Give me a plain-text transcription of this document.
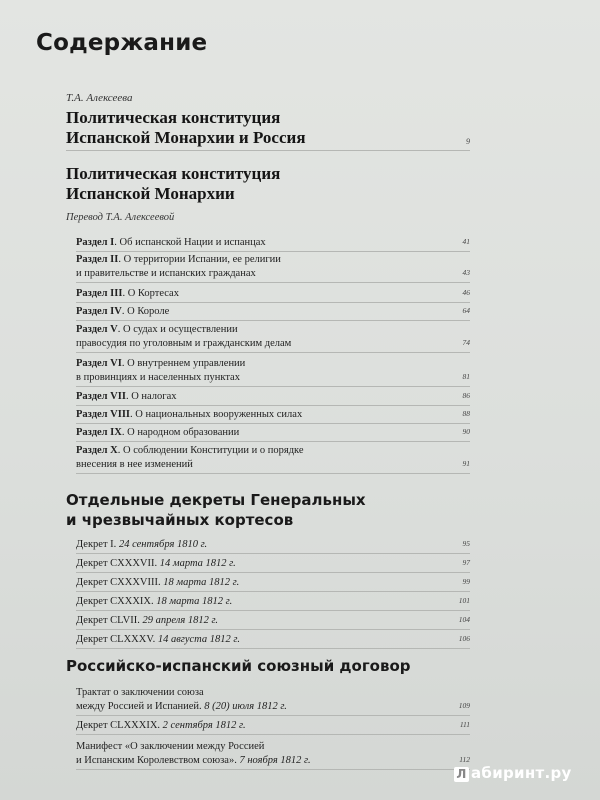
Содержание
Т.А. Алексеева
Политическая конституция
Испанской Монархии и Россия	9
Политическая конституция
Испанской Монархии
Перевод Т.А. Алексеевой
Раздел I. Об испанской Нации и испанцах	41
Раздел II. О территории Испании, ее религии
и правительстве и испанских гражданах	43
Раздел III. О Кортесах	46
Раздел IV. О Короле	64
Раздел V. О судах и осуществлении
правосудия по уголовным и гражданским делам	74
Раздел VI. О внутреннем управлении
в провинциях и населенных пунктах	81
Раздел VII. О налогах	86
Раздел VIII. О национальных вооруженных силах	88
Раздел IX. О народном образовании	90
Раздел X. О соблюдении Конституции и о порядке
внесения в нее изменений	91
Отдельные декреты Генеральных
и чрезвычайных кортесов
Декрет I. 24 сентября 1810 г.	95
Декрет CXXXVII. 14 марта 1812 г.	97
Декрет CXXXVIII. 18 марта 1812 г.	99
Декрет CXXXIX. 18 марта 1812 г.	101
Декрет CLVII. 29 апреля 1812 г.	104
Декрет CLXXXV. 14 августа 1812 г.	106
Российско-испанский союзный договор
Трактат о заключении союза
между Россией и Испанией. 8 (20) июля 1812 г.	109
Декрет CLXXXIX. 2 сентября 1812 г.	111
Манифест «О заключении между Россией
и Испанским Королевством союза». 7 ноября 1812 г.	112
Л абиринт.ру
